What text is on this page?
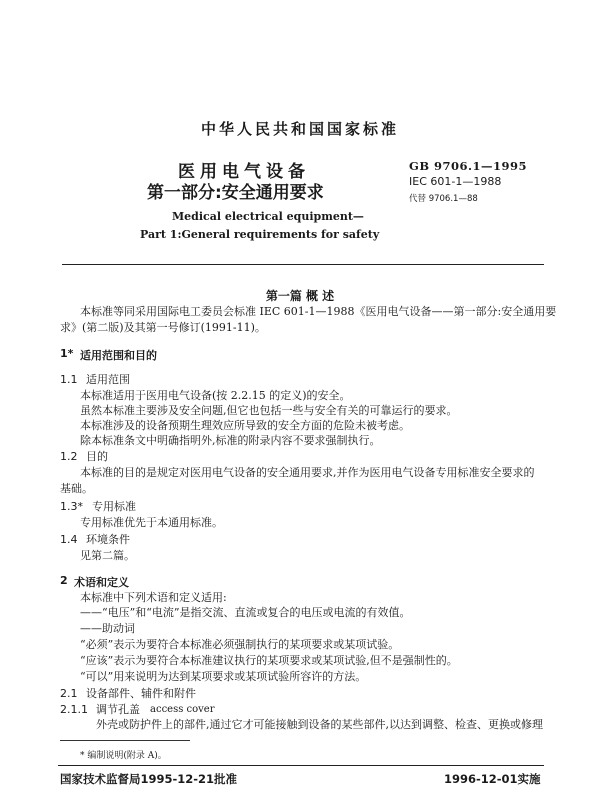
中华人民共和国国家标准
医用电气设备
第一部分:安全通用要求
Medical electrical equipment—
Part 1:General requirements for safety
GB 9706.1—1995
IEC 601-1—1988
代替 9706.1—88
第一篇 概 述
本标准等同采用国际电工委员会标准 IEC 601-1—1988《医用电气设备——第一部分:安全通用要
求》(第二版)及其第一号修订(1991-11)。
1* 适用范围和目的
1.1 适用范围
本标准适用于医用电气设备(按 2.2.15 的定义)的安全。
虽然本标准主要涉及安全问题,但它也包括一些与安全有关的可靠运行的要求。
本标准涉及的设备预期生理效应所导致的安全方面的危险未被考虑。
除本标准条文中明确指明外,标准的附录内容不要求强制执行。
1.2 目的
本标准的目的是规定对医用电气设备的安全通用要求,并作为医用电气设备专用标准安全要求的
基础。
1.3* 专用标准
专用标准优先于本通用标准。
1.4 环境条件
见第二篇。
2 术语和定义
本标准中下列术语和定义适用:
——“电压”和“电流”是指交流、直流或复合的电压或电流的有效值。
——助动词
“必须”表示为要符合本标准必须强制执行的某项要求或某项试验。
“应该”表示为要符合本标准建议执行的某项要求或某项试验,但不是强制性的。
“可以”用来说明为达到某项要求或某项试验所容许的方法。
2.1 设备部件、辅件和附件
2.1.1 调节孔盖 access cover
外壳或防护件上的部件,通过它才可能接触到设备的某些部件,以达到调整、检查、更换或修理
* 编制说明(附录 A)。
国家技术监督局1995-12-21批准	1996-12-01实施
